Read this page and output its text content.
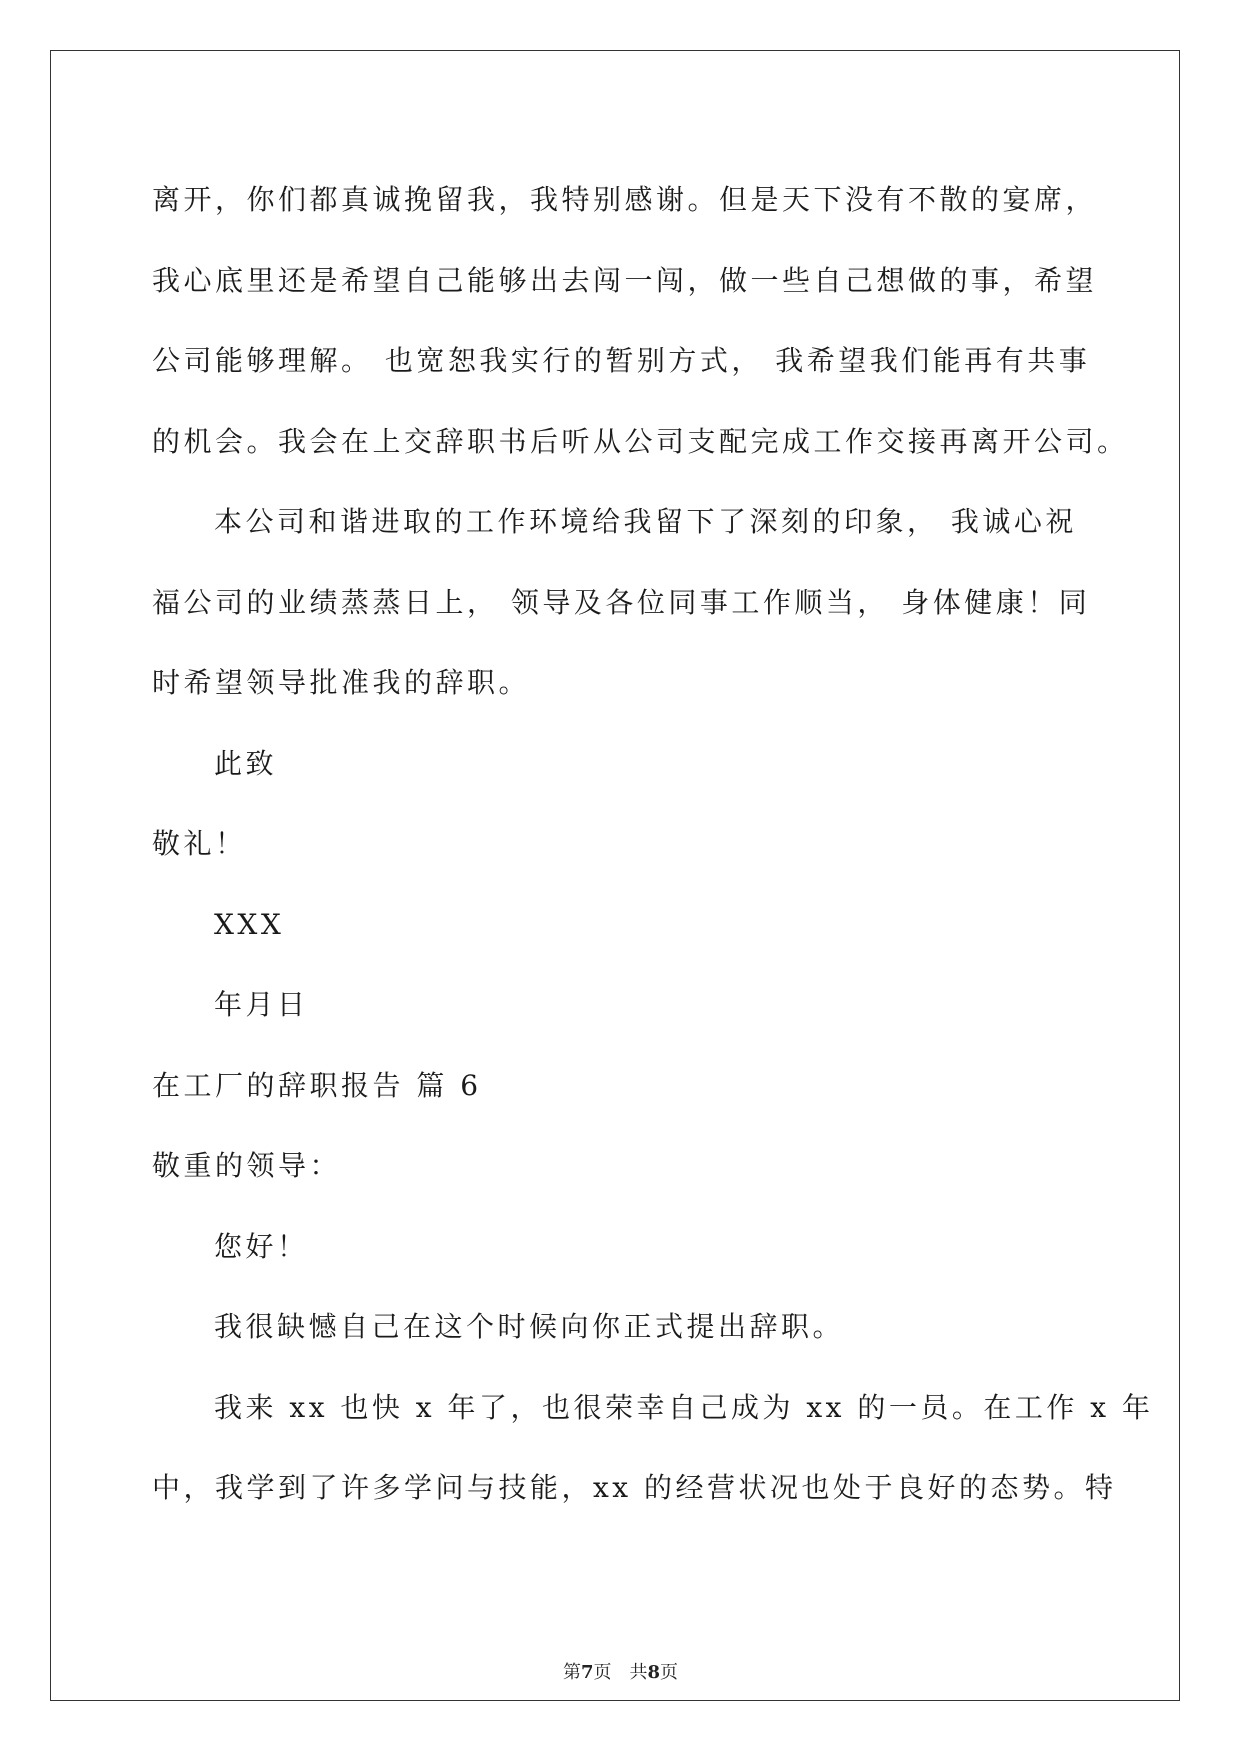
离开，你们都真诚挽留我，我特别感谢。但是天下没有不散的宴席，
我心底里还是希望自己能够出去闯一闯，做一些自己想做的事，希望
公司能够理解。 也宽恕我实行的暂别方式， 我希望我们能再有共事
的机会。我会在上交辞职书后听从公司支配完成工作交接再离开公司。
本公司和谐进取的工作环境给我留下了深刻的印象， 我诚心祝
福公司的业绩蒸蒸日上， 领导及各位同事工作顺当， 身体健康！同
时希望领导批准我的辞职。
此致
敬礼！
XXX
年月日
在工厂的辞职报告 篇 6
敬重的领导：
您好！
我很缺憾自己在这个时候向你正式提出辞职。
我来 xx 也快 x 年了，也很荣幸自己成为 xx 的一员。在工作 x 年
中，我学到了许多学问与技能，xx 的经营状况也处于良好的态势。特
第7页 共8页
